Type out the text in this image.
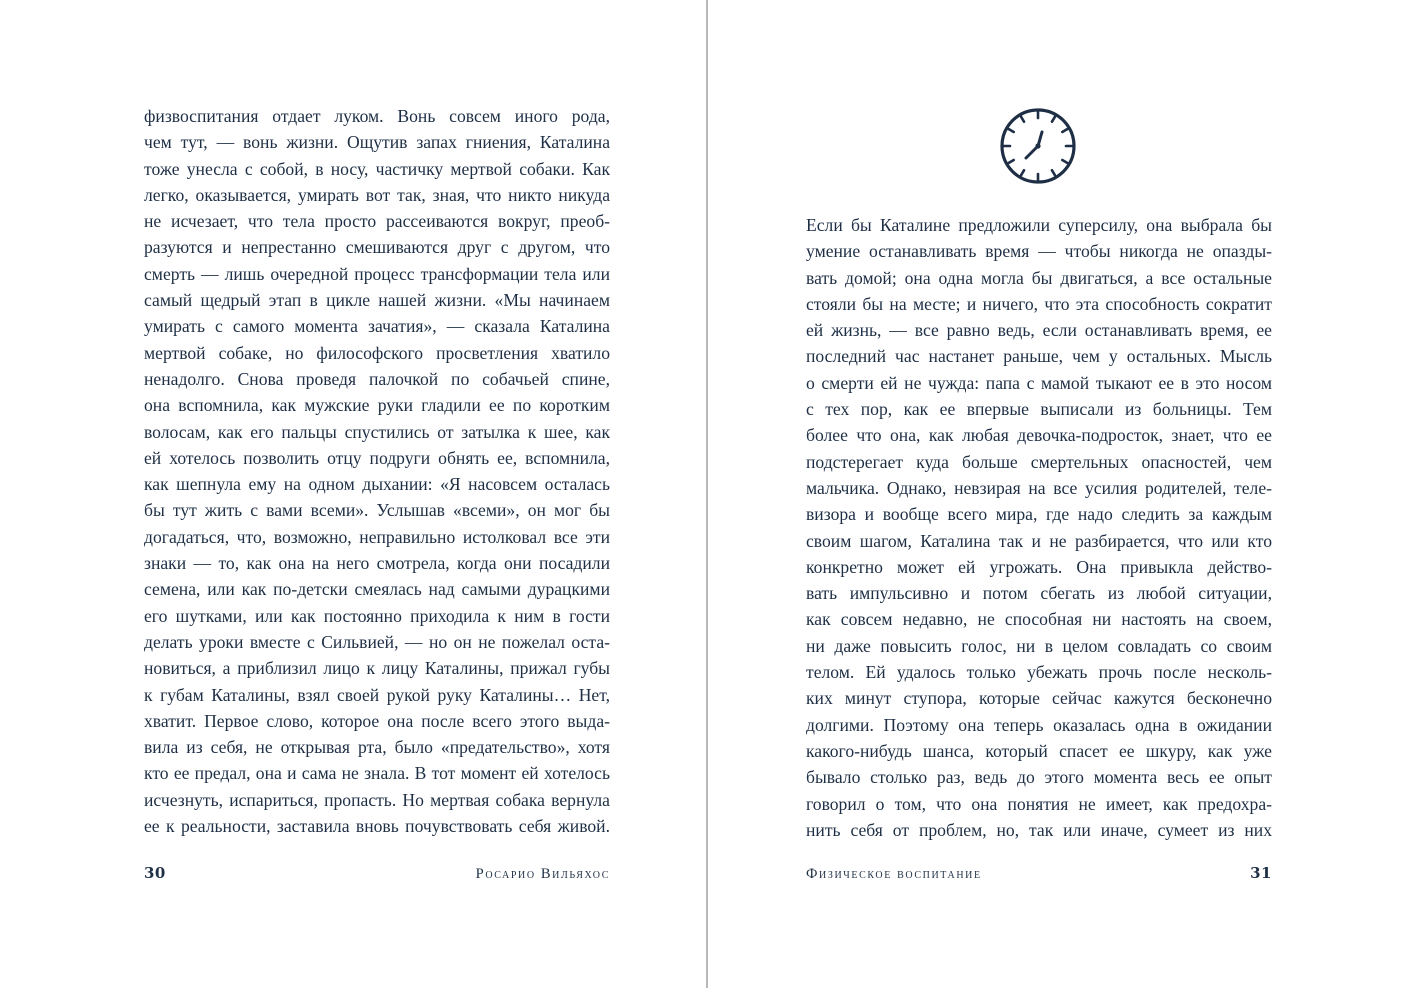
физвоспитания отдает луком. Вонь совсем иного рода,
чем тут, — вонь жизни. Ощутив запах гниения, Каталина
тоже унесла с собой, в носу, частичку мертвой собаки. Как
легко, оказывается, умирать вот так, зная, что никто никуда
не исчезает, что тела просто рассеиваются вокруг, преоб-
разуются и непрестанно смешиваются друг с другом, что
смерть — лишь очередной процесс трансформации тела или
самый щедрый этап в цикле нашей жизни. «Мы начинаем
умирать с самого момента зачатия», — сказала Каталина
мертвой собаке, но философского просветления хватило
ненадолго. Снова проведя палочкой по собачьей спине,
она вспомнила, как мужские руки гладили ее по коротким
волосам, как его пальцы спустились от затылка к шее, как
ей хотелось позволить отцу подруги обнять ее, вспомнила,
как шепнула ему на одном дыхании: «Я насовсем осталась
бы тут жить с вами всеми». Услышав «всеми», он мог бы
догадаться, что, возможно, неправильно истолковал все эти
знаки — то, как она на него смотрела, когда они посадили
семена, или как по-детски смеялась над самыми дурацкими
его шутками, или как постоянно приходила к ним в гости
делать уроки вместе с Сильвией, — но он не пожелал оста-
новиться, а приблизил лицо к лицу Каталины, прижал губы
к губам Каталины, взял своей рукой руку Каталины… Нет,
хватит. Первое слово, которое она после всего этого выда-
вила из себя, не открывая рта, было «предательство», хотя
кто ее предал, она и сама не знала. В тот момент ей хотелось
исчезнуть, испариться, пропасть. Но мертвая собака вернула
ее к реальности, заставила вновь почувствовать себя живой.
30	Росарио Вильяхос
Если бы Каталине предложили суперсилу, она выбрала бы
умение останавливать время — чтобы никогда не опазды-
вать домой; она одна могла бы двигаться, а все остальные
стояли бы на месте; и ничего, что эта способность сократит
ей жизнь, — все равно ведь, если останавливать время, ее
последний час настанет раньше, чем у остальных. Мысль
о смерти ей не чужда: папа с мамой тыкают ее в это носом
с тех пор, как ее впервые выписали из больницы. Тем
более что она, как любая девочка-подросток, знает, что ее
подстерегает куда больше смертельных опасностей, чем
мальчика. Однако, невзирая на все усилия родителей, теле-
визора и вообще всего мира, где надо следить за каждым
своим шагом, Каталина так и не разбирается, что или кто
конкретно может ей угрожать. Она привыкла действо-
вать импульсивно и потом сбегать из любой ситуации,
как совсем недавно, не способная ни настоять на своем,
ни даже повысить голос, ни в целом совладать со своим
телом. Ей удалось только убежать прочь после несколь-
ких минут ступора, которые сейчас кажутся бесконечно
долгими. Поэтому она теперь оказалась одна в ожидании
какого-нибудь шанса, который спасет ее шкуру, как уже
бывало столько раз, ведь до этого момента весь ее опыт
говорил о том, что она понятия не имеет, как предохра-
нить себя от проблем, но, так или иначе, сумеет из них
Физическое воспитание	31
